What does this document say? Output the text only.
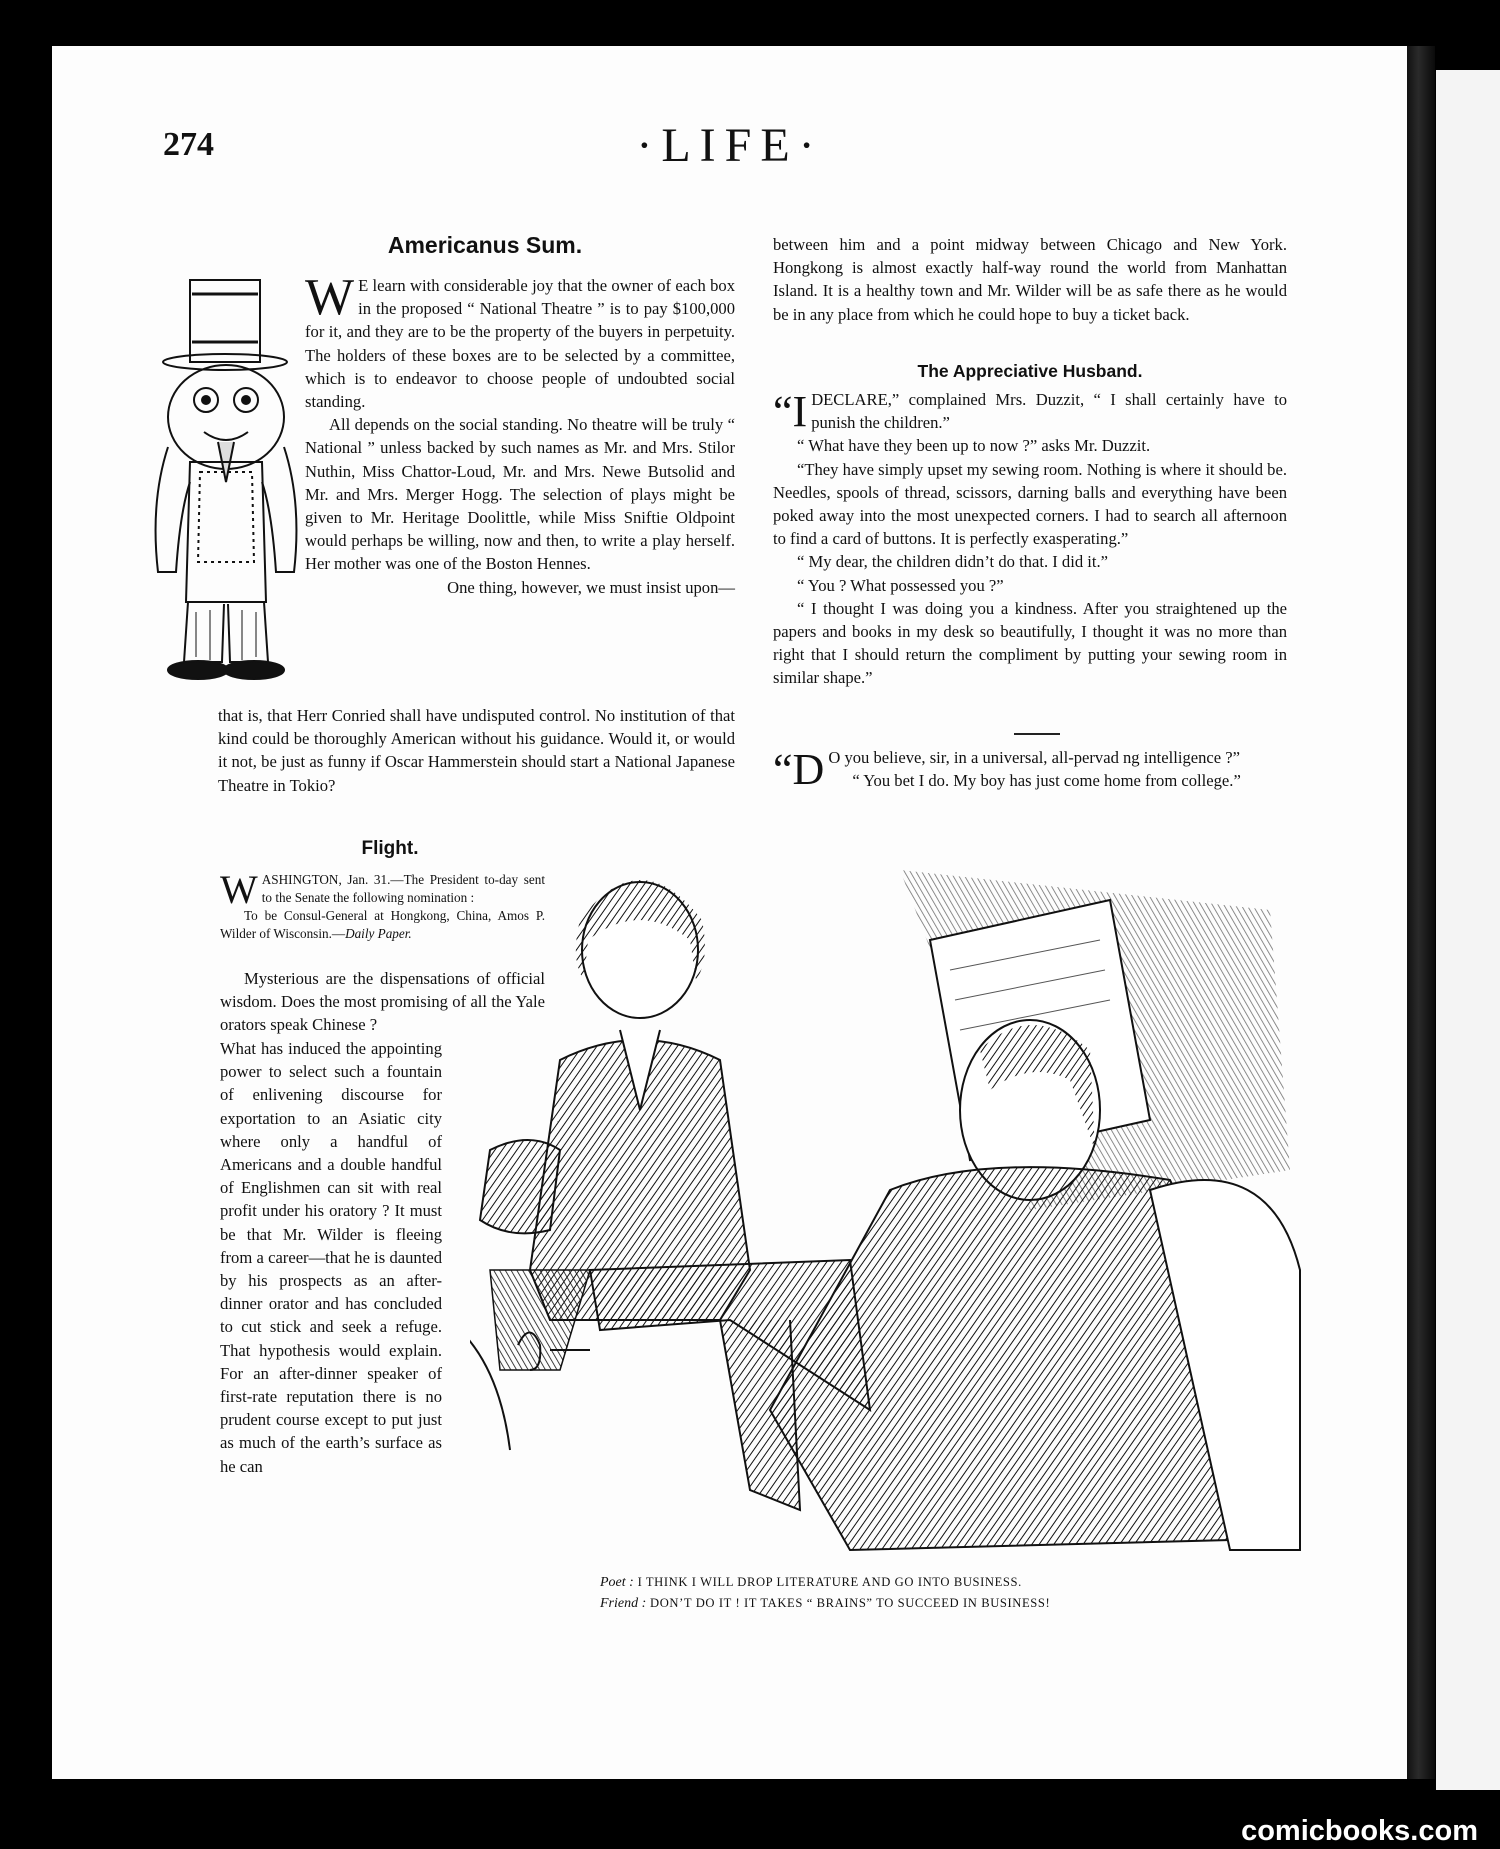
274	·LIFE·
Americanus Sum.

W E learn with considerable joy that the owner of each box in the proposed “ National Theatre ” is to pay $100,000 for it, and they are to be the property of the buyers in perpetuity. The holders of these boxes are to be selected by a committee, which is to endeavor to choose people of undoubted social standing.

All depends on the social standing. No theatre will be truly “ National ” unless backed by such names as Mr. and Mrs. Stilor Nuthin, Miss Chattor-Loud, Mr. and Mrs. Newe Butsolid and Mr. and Mrs. Merger Hogg. The selection of plays might be given to Mr. Heritage Doolittle, while Miss Sniftie Oldpoint would perhaps be willing, now and then, to write a play herself. Her mother was one of the Boston Hennes.

One thing, however, we must insist upon—

that is, that Herr Conried shall have undisputed control. No institution of that kind could be thoroughly American without his guidance. Would it, or would it not, be just as funny if Oscar Hammerstein should start a National Japanese Theatre in Tokio?
between him and a point midway between Chicago and New York. Hongkong is almost exactly half-way round the world from Manhattan Island. It is a healthy town and Mr. Wilder will be as safe there as he would be in any place from which he could hope to buy a ticket back.
The Appreciative Husband.

“IDECLARE,” complained Mrs. Duzzit, “ I shall certainly have to punish the children.”

“ What have they been up to now ?” asks Mr. Duzzit.

“They have simply upset my sewing room. Nothing is where it should be. Needles, spools of thread, scissors, darning balls and everything have been poked away into the most unexpected corners. I had to search all afternoon to find a card of buttons. It is perfectly exasperating.”

“ My dear, the children didn’t do that. I did it.”

“ You ? What possessed you ?”

“ I thought I was doing you a kindness. After you straightened up the papers and books in my desk so beautifully, I thought it was no more than right that I should return the compliment by putting your sewing room in similar shape.”

“D O you believe, sir, in a universal, all-pervad ng intelligence ?”

“ You bet I do. My boy has just come home from college.”

Flight.

WASHINGTON, Jan. 31.—The President to-day sent to the Senate the following nomination :

To be Consul-General at Hongkong, China, Amos P. Wilder of Wisconsin.—Daily Paper.

Mysterious are the dispensations of official wisdom. Does the most promising of all the Yale orators speak Chinese ?
What has induced the appointing power to select such a fountain of enlivening discourse for exportation to an Asiatic city where only a handful of Americans and a double handful of Englishmen can sit with real profit under his oratory ? It must be that Mr. Wilder is fleeing from a career—that he is daunted by his prospects as an after-dinner orator and has concluded to cut stick and seek a refuge. That hypothesis would explain. For an after-dinner speaker of first-rate reputation there is no prudent course except to put just as much of the earth’s surface as he can
Poet : I THINK I WILL DROP LITERATURE AND GO INTO BUSINESS.
Friend : DON’T DO IT ! IT TAKES “ BRAINS” TO SUCCEED IN BUSINESS!
comicbooks.com
